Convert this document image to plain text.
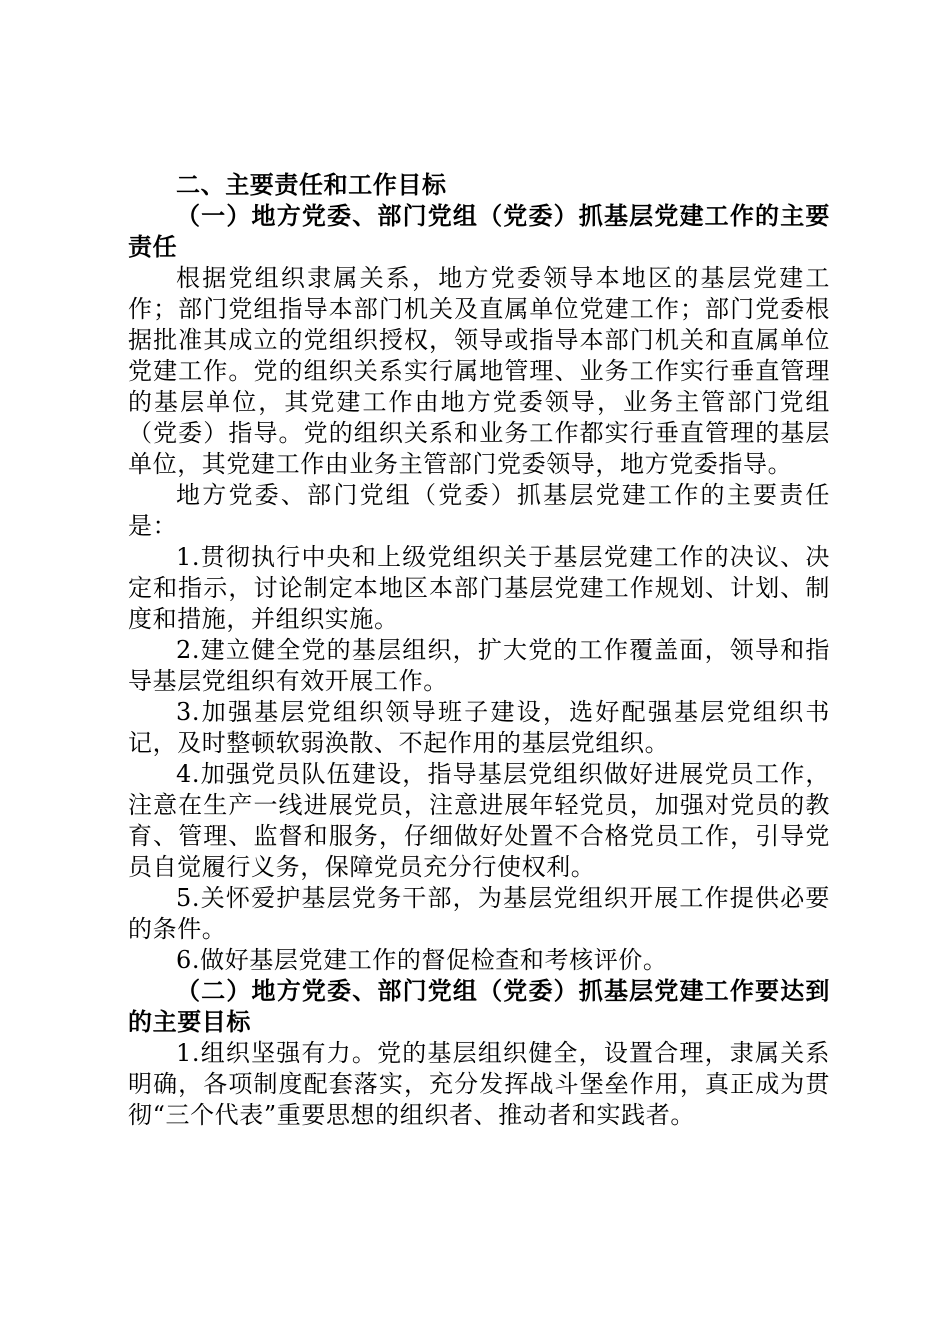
二、主要责任和工作目标

（一）地方党委、部门党组（党委）抓基层党建工作的主要责任

根据党组织隶属关系，地方党委领导本地区的基层党建工作；部门党组指导本部门机关及直属单位党建工作；部门党委根据批准其成立的党组织授权，领导或指导本部门机关和直属单位党建工作。党的组织关系实行属地管理、业务工作实行垂直管理的基层单位，其党建工作由地方党委领导，业务主管部门党组（党委）指导。党的组织关系和业务工作都实行垂直管理的基层单位，其党建工作由业务主管部门党委领导，地方党委指导。

地方党委、部门党组（党委）抓基层党建工作的主要责任是：

1.贯彻执行中央和上级党组织关于基层党建工作的决议、决定和指示，讨论制定本地区本部门基层党建工作规划、计划、制度和措施，并组织实施。

2.建立健全党的基层组织，扩大党的工作覆盖面，领导和指导基层党组织有效开展工作。

3.加强基层党组织领导班子建设，选好配强基层党组织书记，及时整顿软弱涣散、不起作用的基层党组织。

4.加强党员队伍建设，指导基层党组织做好进展党员工作，注意在生产一线进展党员，注意进展年轻党员，加强对党员的教育、管理、监督和服务，仔细做好处置不合格党员工作，引导党员自觉履行义务，保障党员充分行使权利。

5.关怀爱护基层党务干部，为基层党组织开展工作提供必要的条件。

6.做好基层党建工作的督促检查和考核评价。

（二）地方党委、部门党组（党委）抓基层党建工作要达到的主要目标

1.组织坚强有力。党的基层组织健全，设置合理，隶属关系明确，各项制度配套落实，充分发挥战斗堡垒作用，真正成为贯彻“三个代表”重要思想的组织者、推动者和实践者。
